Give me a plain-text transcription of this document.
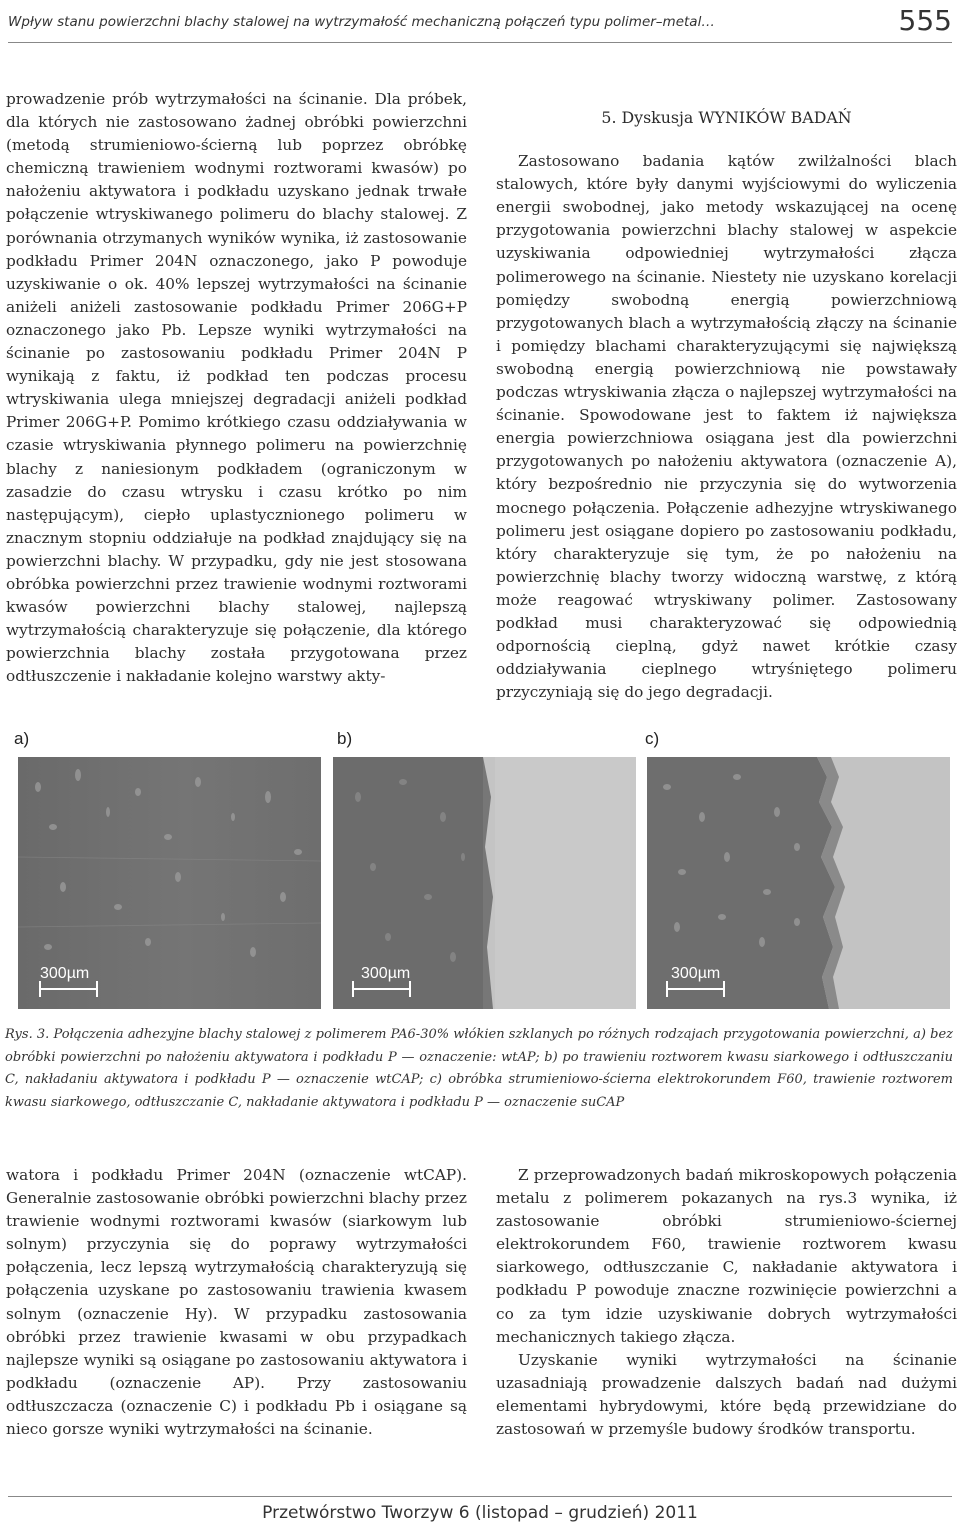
Wpływ stanu powierzchni blachy stalowej na wytrzymałość mechaniczną połączeń typu polimer–metal…	555

prowadzenie prób wytrzymałości na ścinanie. Dla próbek, dla których nie zastosowano żadnej obróbki powierzchni (metodą strumieniowo-ścierną lub poprzez obróbkę chemiczną trawieniem wodnymi roztworami kwasów) po nałożeniu aktywatora i podkładu uzyskano jednak trwałe połączenie wtryskiwanego polimeru do blachy stalowej. Z porównania otrzymanych wyników wynika, iż zastosowanie podkładu Primer 204N oznaczonego, jako P powoduje uzyskiwanie o ok. 40% lepszej wytrzymałości na ścinanie aniżeli aniżeli zastosowanie podkładu Primer 206G+P oznaczonego jako Pb. Lepsze wyniki wytrzymałości na ścinanie po zastosowaniu podkładu Primer 204N P wynikają z faktu, iż podkład ten podczas procesu wtryskiwania ulega mniejszej degradacji aniżeli podkład Primer 206G+P. Pomimo krótkiego czasu oddziaływania w czasie wtryskiwania płynnego polimeru na powierzchnię blachy z naniesionym podkładem (ograniczonym w zasadzie do czasu wtrysku i czasu krótko po nim następującym), ciepło uplastycznionego polimeru w znacznym stopniu oddziałuje na podkład znajdujący się na powierzchni blachy. W przypadku, gdy nie jest stosowana obróbka powierzchni przez trawienie wodnymi roztworami kwasów powierzchni blachy stalowej, najlepszą wytrzymałością charakteryzuje się połączenie, dla którego powierzchnia blachy została przygotowana przez odtłuszczenie i nakładanie kolejno warstwy akty-

5. Dyskusja WYNIKÓW BADAŃ

Zastosowano badania kątów zwilżalności blach stalowych, które były danymi wyjściowymi do wyliczenia energii swobodnej, jako metody wskazującej na ocenę przygotowania powierzchni blachy stalowej w aspekcie uzyskiwania odpowiedniej wytrzymałości złącza polimerowego na ścinanie. Niestety nie uzyskano korelacji pomiędzy swobodną energią powierzchniową przygotowanych blach a wytrzymałością złączy na ścinanie i pomiędzy blachami charakteryzującymi się największą swobodną energią powierzchniową nie powstawały podczas wtryskiwania złącza o najlepszej wytrzymałości na ścinanie. Spowodowane jest to faktem iż największa energia powierzchniowa osiągana jest dla powierzchni przygotowanych po nałożeniu aktywatora (oznaczenie A), który bezpośrednio nie przyczynia się do wytworzenia mocnego połączenia. Połączenie adhezyjne wtryskiwanego polimeru jest osiągane dopiero po zastosowaniu podkładu, który charakteryzuje się tym, że po nałożeniu na powierzchnię blachy tworzy widoczną warstwę, z którą może reagować wtryskiwany polimer. Zastosowany podkład musi charakteryzować się odpowiednią odpornością cieplną, gdyż nawet krótkie czasy oddziaływania cieplnego wtryśniętego polimeru przyczyniają się do jego degradacji.

a)	b)	c)
300µm	300µm	300µm
Rys. 3. Połączenia adhezyjne blachy stalowej z polimerem PA6-30% włókien szklanych po różnych rodzajach przygotowania powierzchni, a) bez obróbki powierzchni po nałożeniu aktywatora i podkładu P — oznaczenie: wtAP; b) po trawieniu roztworem kwasu siarkowego i odtłuszczaniu C, nakładaniu aktywatora i podkładu P — oznaczenie wtCAP; c) obróbka strumieniowo-ścierna elektrokorundem F60, trawienie roztworem kwasu siarkowego, odtłuszczanie C, nakładanie aktywatora i podkładu P — oznaczenie suCAP

watora i podkładu Primer 204N (oznaczenie wtCAP). Generalnie zastosowanie obróbki powierzchni blachy przez trawienie wodnymi roztworami kwasów (siarkowym lub solnym) przyczynia się do poprawy wytrzymałości połączenia, lecz lepszą wytrzymałością charakteryzują się połączenia uzyskane po zastosowaniu trawienia kwasem solnym (oznaczenie Hy). W przypadku zastosowania obróbki przez trawienie kwasami w obu przypadkach najlepsze wyniki są osiągane po zastosowaniu aktywatora i podkładu (oznaczenie AP). Przy zastosowaniu odtłuszczacza (oznaczenie C) i podkładu Pb i osiągane są nieco gorsze wyniki wytrzymałości na ścinanie.

Z przeprowadzonych badań mikroskopowych połączenia metalu z polimerem pokazanych na rys.3 wynika, iż zastosowanie obróbki strumieniowo-ściernej elektrokorundem F60, trawienie roztworem kwasu siarkowego, odtłuszczanie C, nakładanie aktywatora i podkładu P powoduje znaczne rozwinięcie powierzchni a co za tym idzie uzyskiwanie dobrych wytrzymałości mechanicznych takiego złącza.

Uzyskanie wyniki wytrzymałości na ścinanie uzasadniają prowadzenie dalszych badań nad dużymi elementami hybrydowymi, które będą przewidziane do zastosowań w przemyśle budowy środków transportu.

Przetwórstwo Tworzyw 6 (listopad – grudzień) 2011
